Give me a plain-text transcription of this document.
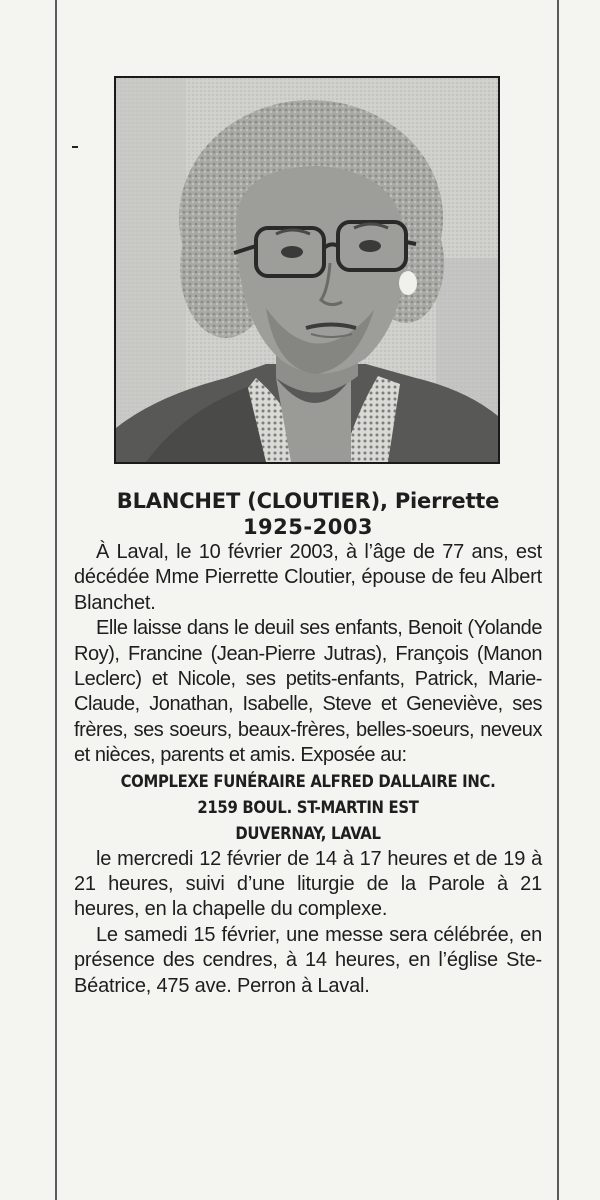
BLANCHET (CLOUTIER), Pierrette
1925-2003

À Laval, le 10 février 2003, à l’âge de 77 ans, est décédée Mme Pierrette Cloutier, épouse de feu Albert Blanchet.

Elle laisse dans le deuil ses enfants, Benoit (Yolande Roy), Francine (Jean-Pierre Jutras), François (Manon Leclerc) et Nicole, ses petits-enfants, Patrick, Marie-Claude, Jonathan, Isabelle, Steve et Geneviève, ses frères, ses soeurs, beaux-frères, belles-soeurs, neveux et nièces, parents et amis. Exposée au:

COMPLEXE FUNÉRAIRE ALFRED DALLAIRE INC.
2159 BOUL. ST-MARTIN EST
DUVERNAY, LAVAL

le mercredi 12 février de 14 à 17 heures et de 19 à 21 heures, suivi d’une liturgie de la Parole à 21 heures, en la chapelle du complexe.

Le samedi 15 février, une messe sera célébrée, en présence des cendres, à 14 heures, en l’église Ste-Béatrice, 475 ave. Perron à Laval.
